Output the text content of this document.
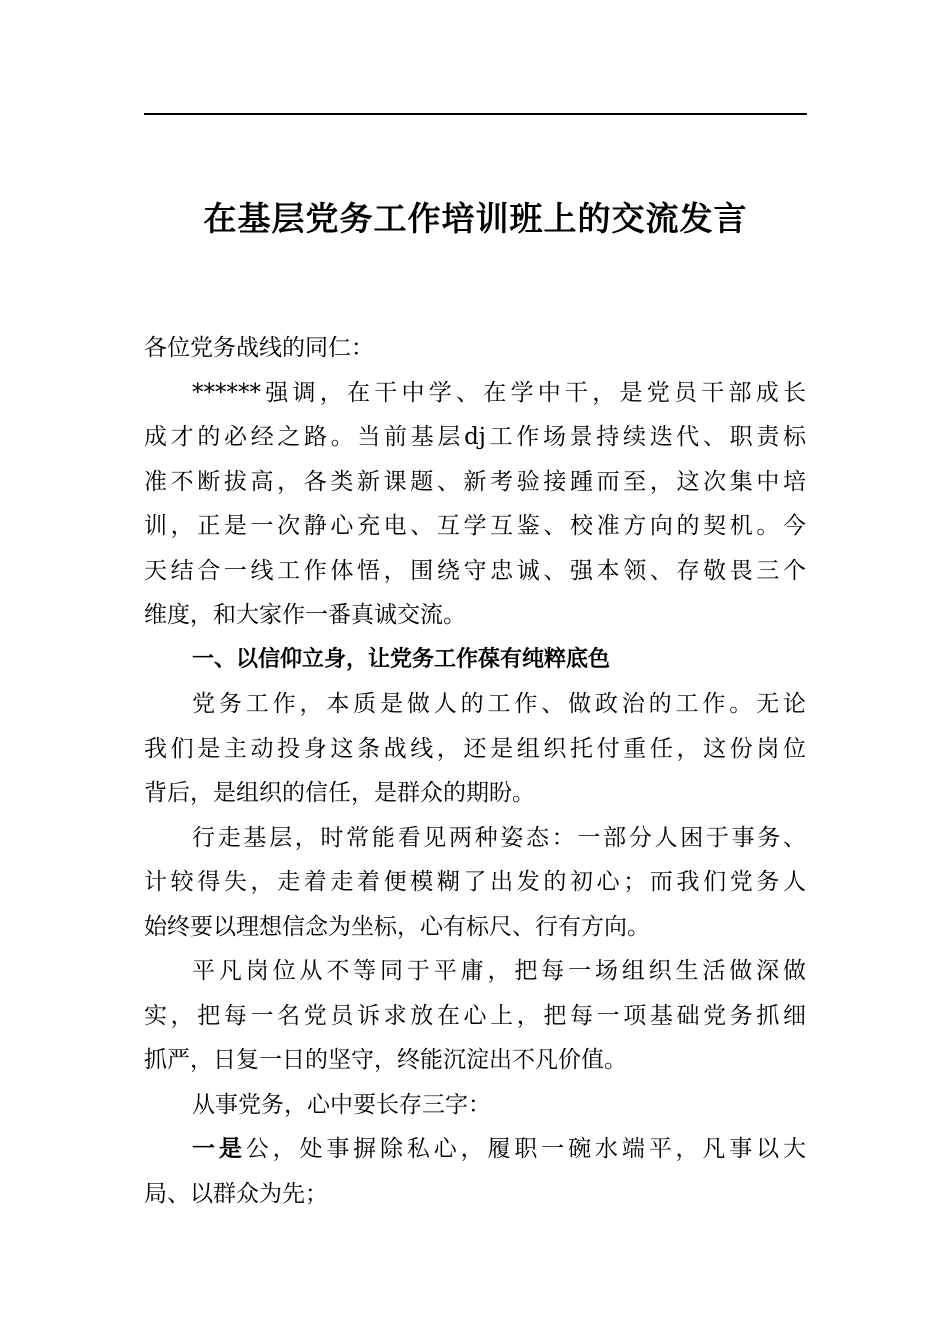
在基层党务工作培训班上的交流发言
各位党务战线的同仁：
******强调，在干中学、在学中干，是党员干部成长
成才的必经之路。当前基层dj工作场景持续迭代、职责标
准不断拔高，各类新课题、新考验接踵而至，这次集中培
训，正是一次静心充电、互学互鉴、校准方向的契机。今
天结合一线工作体悟，围绕守忠诚、强本领、存敬畏三个
维度，和大家作一番真诚交流。
一、以信仰立身，让党务工作葆有纯粹底色
党务工作，本质是做人的工作、做政治的工作。无论
我们是主动投身这条战线，还是组织托付重任，这份岗位
背后，是组织的信任，是群众的期盼。
行走基层，时常能看见两种姿态：一部分人困于事务、
计较得失，走着走着便模糊了出发的初心；而我们党务人
始终要以理想信念为坐标，心有标尺、行有方向。
平凡岗位从不等同于平庸，把每一场组织生活做深做
实，把每一名党员诉求放在心上，把每一项基础党务抓细
抓严，日复一日的坚守，终能沉淀出不凡价值。
从事党务，心中要长存三字：
一是公，处事摒除私心，履职一碗水端平，凡事以大
局、以群众为先；
